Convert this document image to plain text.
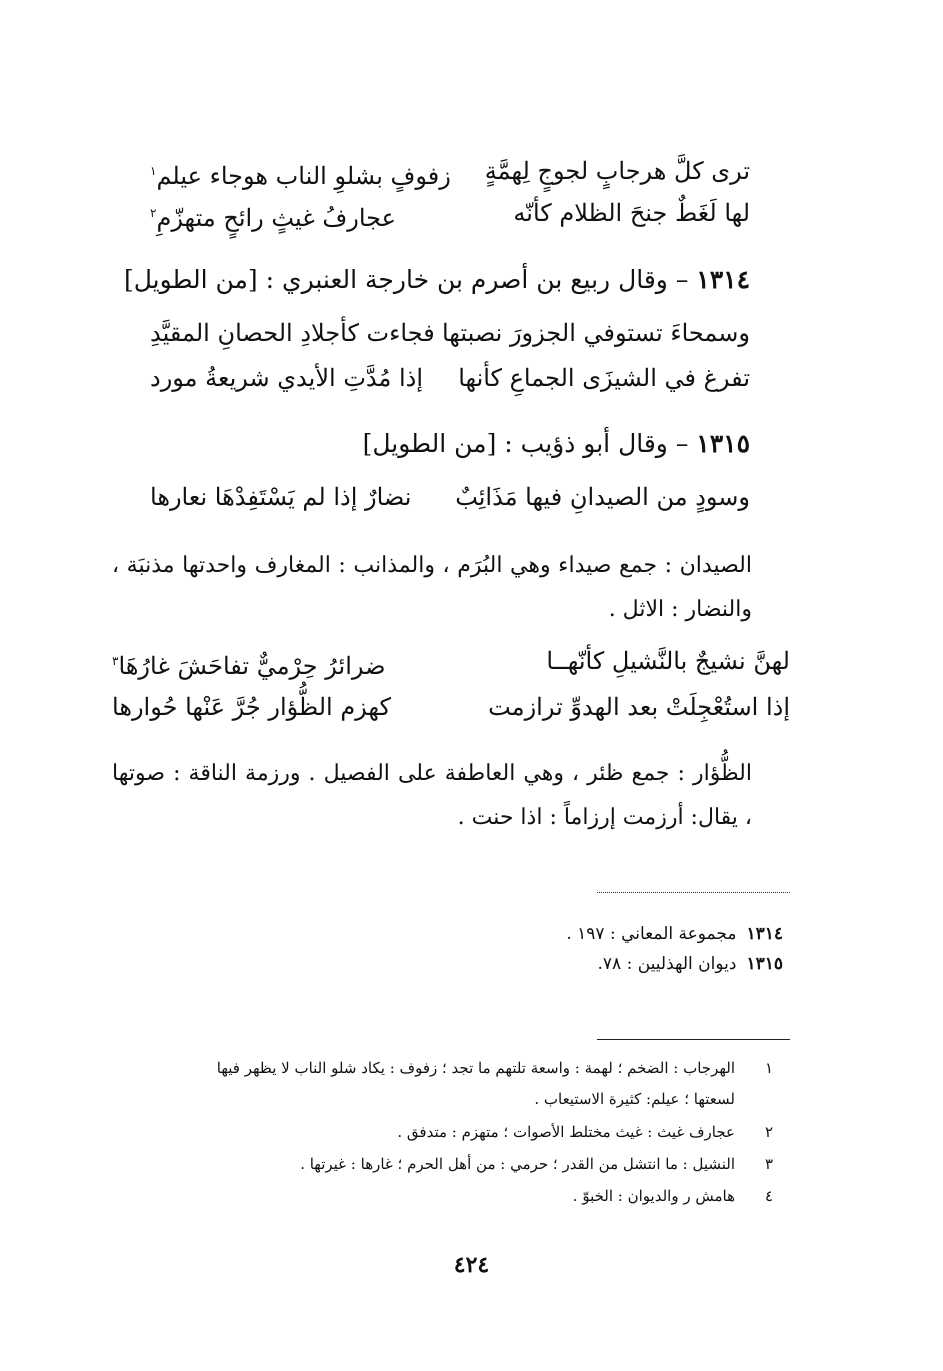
ترى كلَّ هرجابٍ لجوجٍ لِهمَّةٍ
زفوفٍ بشلوِ الناب هوجاء عيلم$^١$
لها لَغَطٌ جنحَ الظلام كأنّه
عجارفُ غيثٍ رائحٍ متهزّمِ$^٢$
١٣١٤ – وقال ربيع بن أصرم بن خارجة العنبري : [من الطويل]
وسمحاءَ تستوفي الجزورَ نصبتها
فجاءت كأجلادِ الحصانِ المقيَّدِ
تفرغ في الشيزَى الجماعِ كأنها
إذا مُدَّتِ الأيدي شريعةُ مورد
١٣١٥ – وقال أبو ذؤيب : [من الطويل]
وسودٍ من الصيدانِ فيها مَذَائِبٌ
نضارٌ إذا لم يَسْتَفِدْهَا نعارها
الصيدان : جمع صيداء وهي البُرَم ، والمذانب : المغارف واحدتها مذنبَة ، والنضار : الاثل .
لهنَّ نشيجٌ بالنَّشيلِ كأنّهــا
ضرائرُ حِرْميٌّ تفاحَشَ غارُهَا$^٣$
إذا استُعْجِلَتْ بعد الهدوِّ ترازمت
كهزم الظُّؤار جُرَّ عَنْها حُوارها
الظُّؤار : جمع ظئر ، وهي العاطفة على الفصيل . ورزمة الناقة : صوتها ، يقال: أرزمت إرزاماً : اذا حنت .
١٣١٤مجموعة المعاني : ١٩٧ .
١٣١٥ديوان الهذليين : ٧٨.
١
الهرجاب : الضخم ؛ لهمة : واسعة تلتهم ما تجد ؛ زفوف : يكاد شلو الناب لا يظهر فيها
لسعتها ؛ عيلم: كثيرة الاستيعاب .
٢
عجارف غيث : غيث مختلط الأصوات ؛ متهزم : متدفق .
٣
النشيل : ما انتشل من القدر ؛ حرمي : من أهل الحرم ؛ غارها : غيرتها .
٤
هامش ر والديوان : الخبوّ .
٤٢٤
